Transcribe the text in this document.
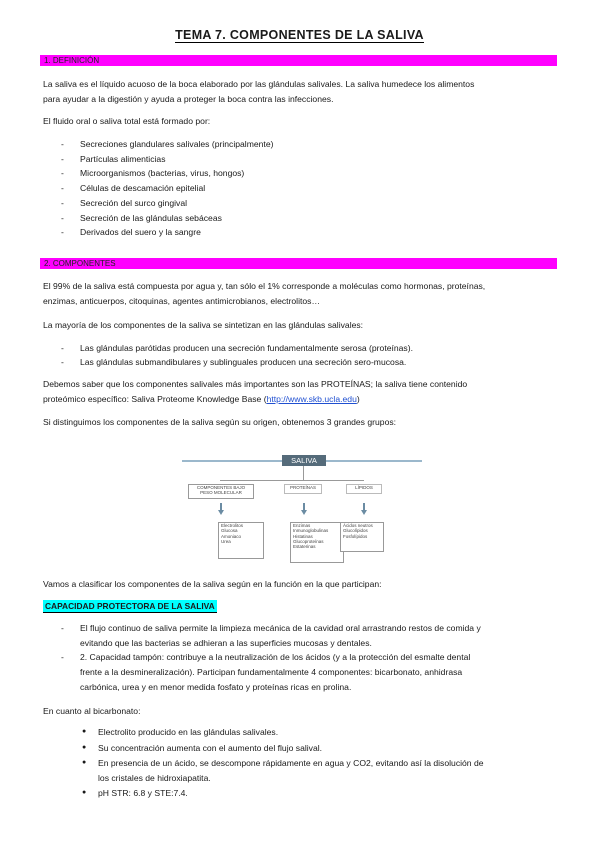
TEMA 7. COMPONENTES DE LA SALIVA
1. DEFINICIÓN

La saliva es el líquido acuoso de la boca elaborado por las glándulas salivales. La saliva humedece los alimentos
para ayudar a la digestión y ayuda a proteger la boca contra las infecciones.

El fluido oral o saliva total está formado por:

- Secreciones glandulares salivales (principalmente)
- Partículas alimenticias
- Microorganismos (bacterias, virus, hongos)
- Células de descamación epitelial
- Secreción del surco gingival
- Secreción de las glándulas sebáceas
- Derivados del suero y la sangre
2. COMPONENTES

El 99% de la saliva está compuesta por agua y, tan sólo el 1% corresponde a moléculas como hormonas, proteínas,
enzimas, anticuerpos, citoquinas, agentes antimicrobianos, electrolitos…

La mayoría de los componentes de la saliva se sintetizan en las glándulas salivales:

- Las glándulas parótidas producen una secreción fundamentalmente serosa (proteínas).
- Las glándulas submandibulares y sublinguales producen una secreción sero-mucosa.

Debemos saber que los componentes salivales más importantes son las PROTEÍNAS; la saliva tiene contenido
proteómico específico: Saliva Proteome Knowledge Base (http://www.skb.ucla.edu)

Si distinguimos los componentes de la saliva según su origen, obtenemos 3 grandes grupos:

SALIVA
COMPONENTES BAJO
PESO MOLECULAR
PROTEÍNAS	LÍPIDOS
Electrolitos
Glucosa
Amoniaco
Urea
Enzimas
Inmunoglobulinas
Histatinas
Glucoproteínas
Estaterinas
Ácidos neutros
Glucolípidos
Fosfolípidos

Vamos a clasificar los componentes de la saliva según en la función en la que participan:

CAPACIDAD PROTECTORA DE LA SALIVA
- El flujo continuo de saliva permite la limpieza mecánica de la cavidad oral arrastrando restos de comida y
evitando que las bacterias se adhieran a las superficies mucosas y dentales.
- 2. Capacidad tampón: contribuye a la neutralización de los ácidos (y a la protección del esmalte dental
frente a la desmineralización). Participan fundamentalmente 4 componentes: bicarbonato, anhidrasa
carbónica, urea y en menor medida fosfato y proteínas ricas en prolina.

En cuanto al bicarbonato:

● Electrolito producido en las glándulas salivales.
● Su concentración aumenta con el aumento del flujo salival.
● En presencia de un ácido, se descompone rápidamente en agua y CO2, evitando así la disolución de
los cristales de hidroxiapatita.
● pH STR: 6.8 y STE:7.4.
